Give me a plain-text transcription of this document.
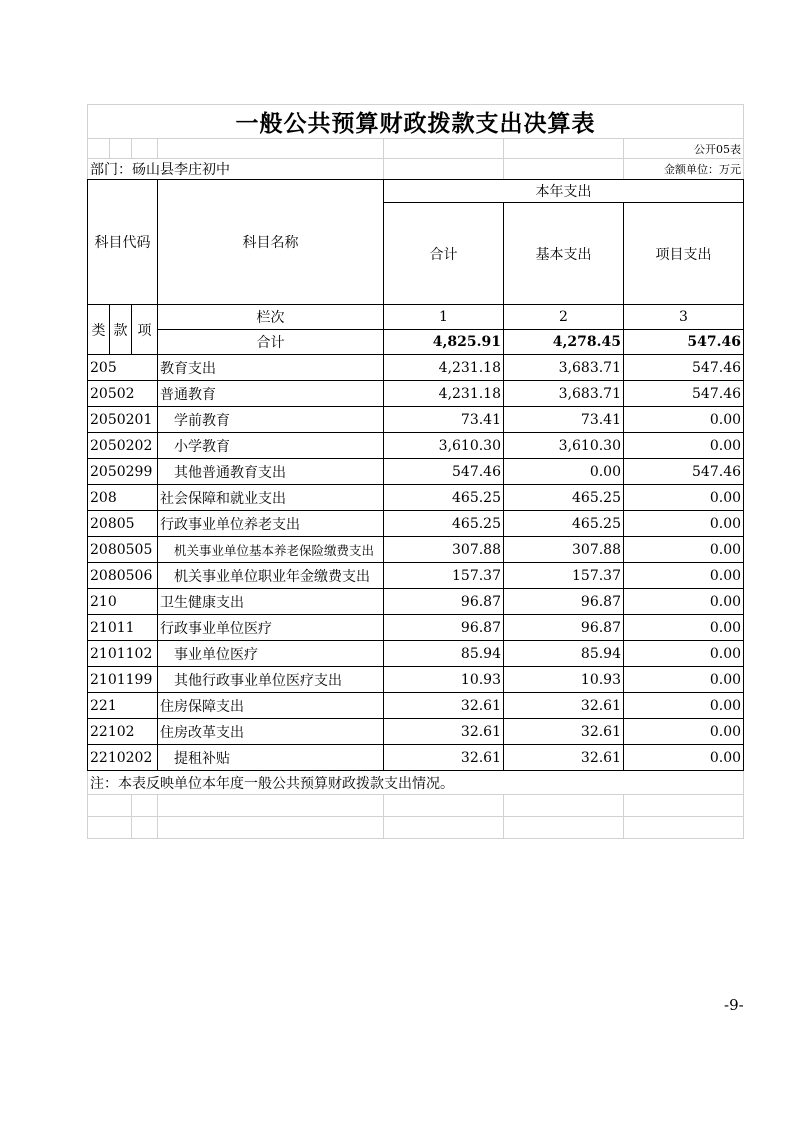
一般公共预算财政拨款支出决算表						
						公开05表
部门：砀山县李庄初中						金额单位：万元
科目代码			科目名称	本年支出		
				合计	基本支出	项目支出
类	款	项	栏次	1	2	3
			合计	4,825.91	4,278.45	547.46
205			教育支出	4,231.18	3,683.71	547.46
20502			普通教育	4,231.18	3,683.71	547.46
2050201			学前教育	73.41	73.41	0.00
2050202			小学教育	3,610.30	3,610.30	0.00
2050299			其他普通教育支出	547.46	0.00	547.46
208			社会保障和就业支出	465.25	465.25	0.00
20805			行政事业单位养老支出	465.25	465.25	0.00
2080505			机关事业单位基本养老保险缴费支出	307.88	307.88	0.00
2080506			机关事业单位职业年金缴费支出	157.37	157.37	0.00
210			卫生健康支出	96.87	96.87	0.00
21011			行政事业单位医疗	96.87	96.87	0.00
2101102			事业单位医疗	85.94	85.94	0.00
2101199			其他行政事业单位医疗支出	10.93	10.93	0.00
221			住房保障支出	32.61	32.61	0.00
22102			住房改革支出	32.61	32.61	0.00
2210202			提租补贴	32.61	32.61	0.00
注：本表反映单位本年度一般公共预算财政拨款支出情况。						

-9-
